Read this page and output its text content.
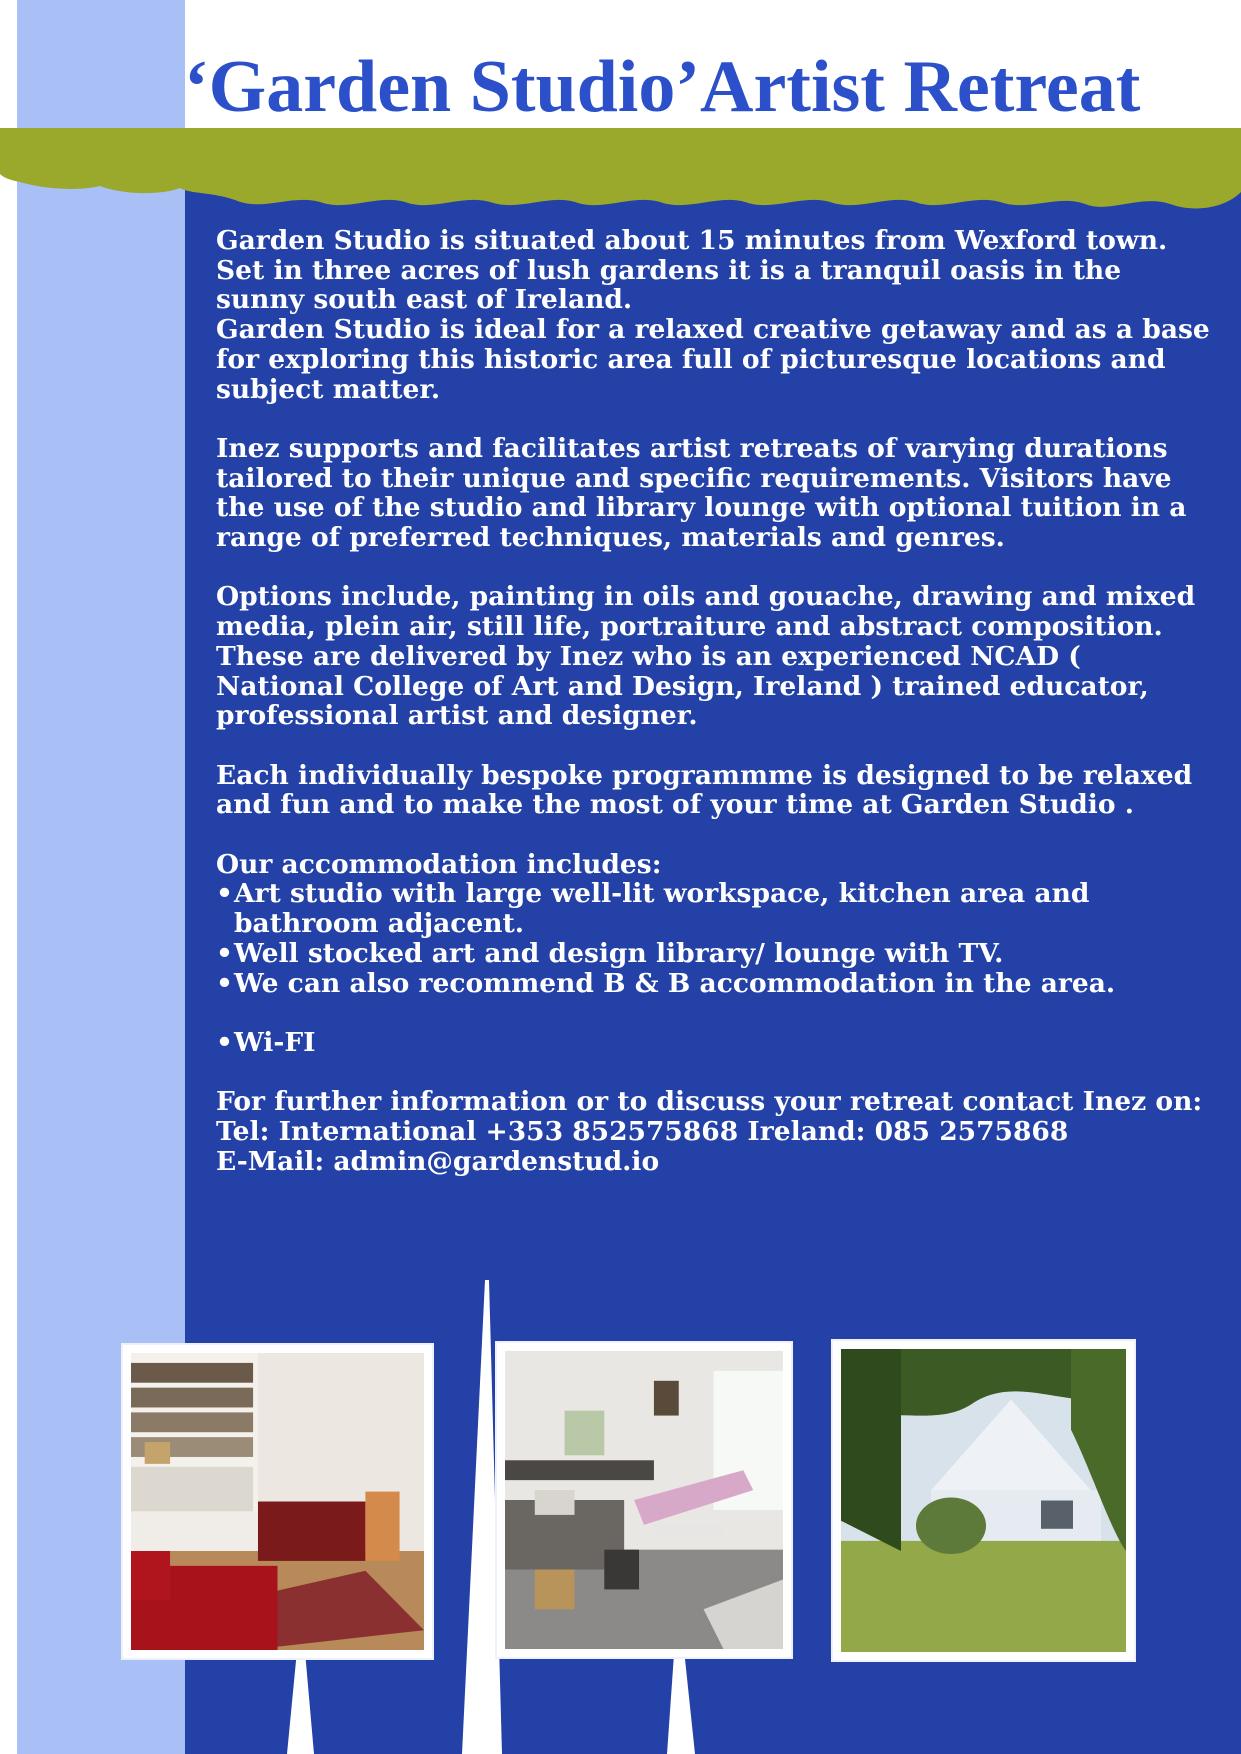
‘Garden Studio’Artist Retreat

Garden Studio is situated about 15 minutes from Wexford town. Set in three acres of lush gardens it is a tranquil oasis in the sunny south east of Ireland.

Garden Studio is ideal for a relaxed creative getaway and as a base for exploring this historic area full of picturesque locations and subject matter.

Inez supports and facilitates artist retreats of varying durations tailored to their unique and specific requirements. Visitors have the use of the studio and library lounge with optional tuition in a range of preferred techniques, materials and genres.

Options include, painting in oils and gouache, drawing and mixed media, plein air, still life, portraiture and abstract composition. These are delivered by Inez who is an experienced NCAD ( National College of Art and Design, Ireland ) trained educator, professional artist and designer.

Each individually bespoke programmme is designed to be relaxed and fun and to make the most of your time at Garden Studio .

Our accommodation includes:

• Art studio with large well-lit workspace, kitchen area and bathroom adjacent.
• Well stocked art and design library/ lounge with TV.
• We can also recommend B & B accommodation in the area.
• Wi-FI

For further information or to discuss your retreat contact Inez on:

Tel: International +353 852575868 Ireland: 085 2575868

E-Mail: admin@gardenstud.io
